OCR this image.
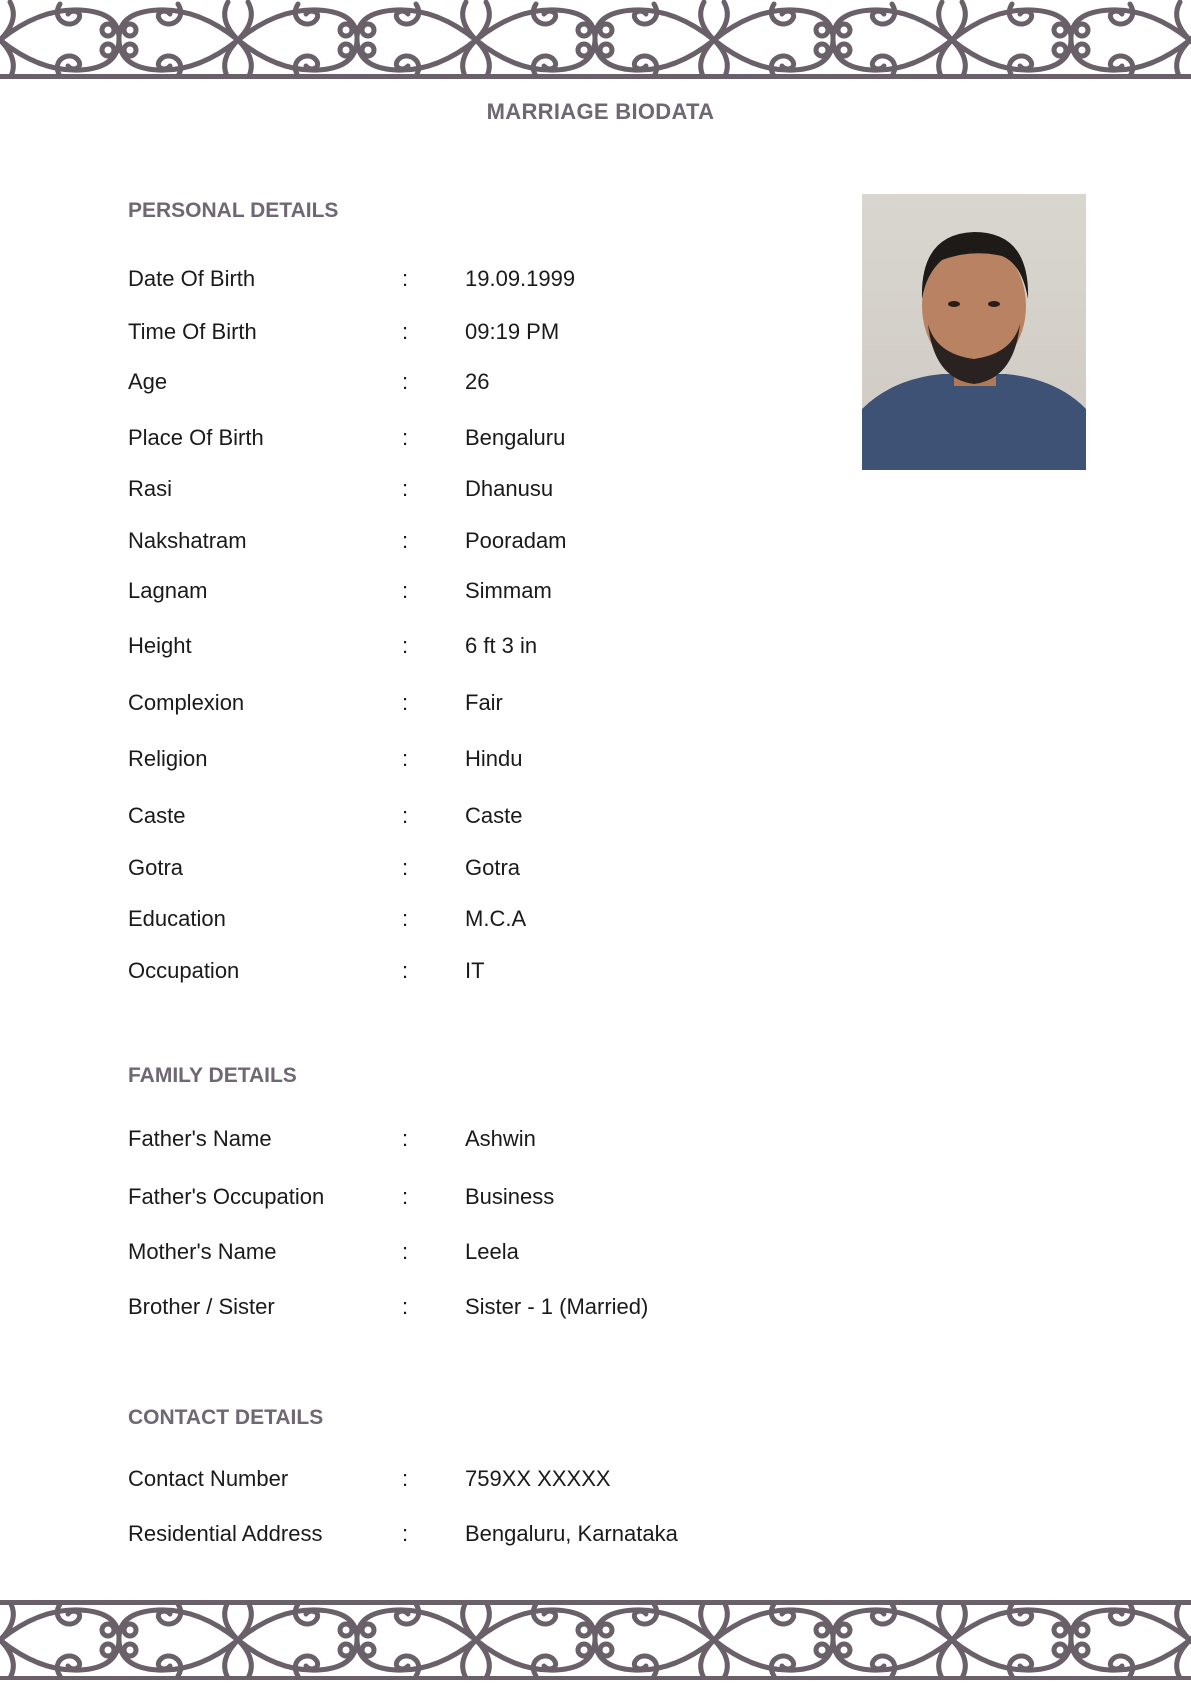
MARRIAGE BIODATA
PERSONAL DETAILS
Date Of Birth	:	19.09.1999
Time Of Birth	:	09:19 PM
Age	:	26
Place Of Birth	:	Bengaluru
Rasi	:	Dhanusu
Nakshatram	:	Pooradam
Lagnam	:	Simmam
Height	:	6 ft 3 in
Complexion	:	Fair
Religion	:	Hindu
Caste	:	Caste
Gotra	:	Gotra
Education	:	M.C.A
Occupation	:	IT
FAMILY DETAILS
Father's Name	:	Ashwin
Father's Occupation	:	Business
Mother's Name	:	Leela
Brother / Sister	:	Sister - 1 (Married)
CONTACT DETAILS
Contact Number	:	759XX XXXXX
Residential Address	:	Bengaluru, Karnataka
